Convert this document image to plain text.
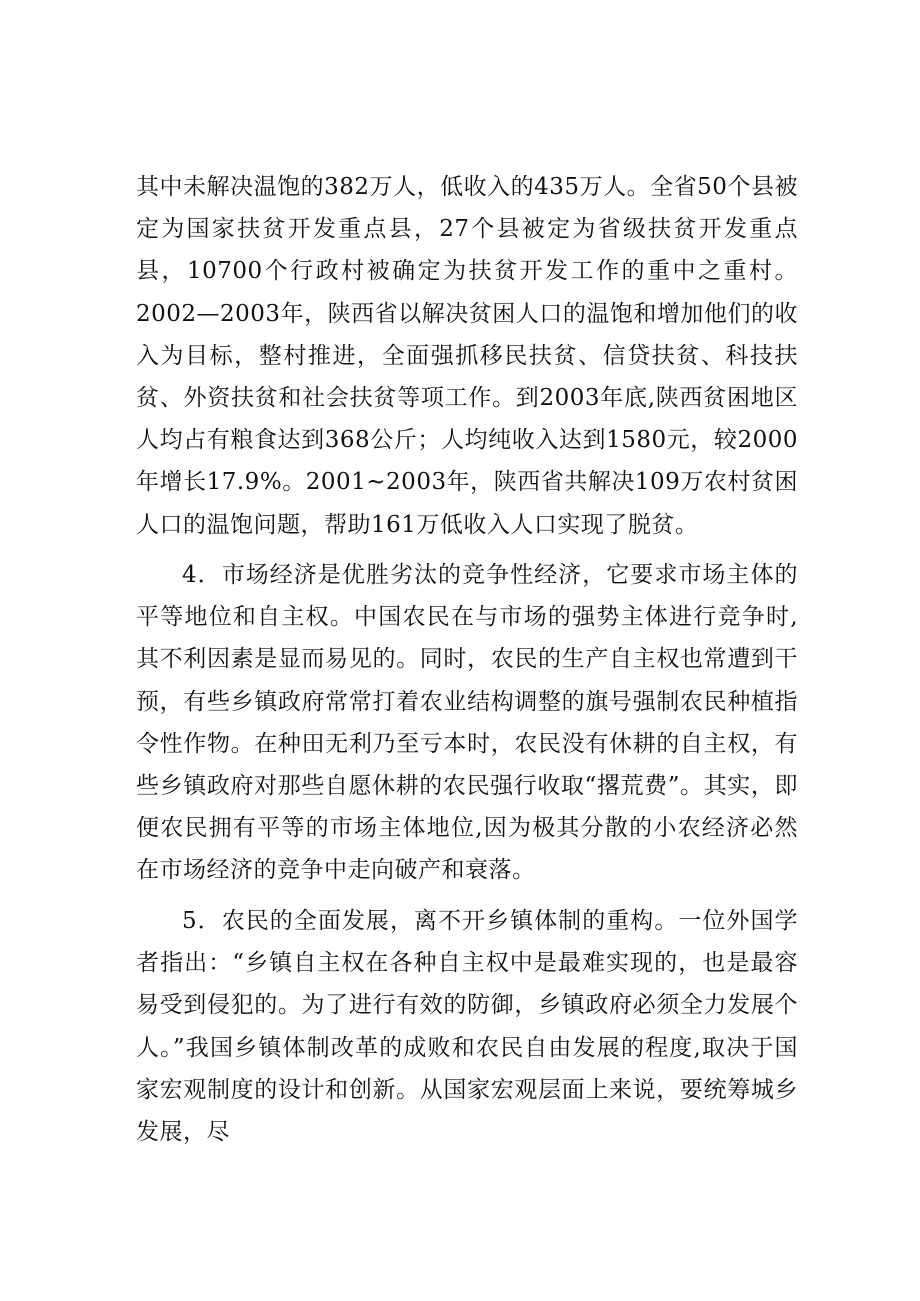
其中未解决温饱的382万人，低收入的435万人。全省50个县被定为国家扶贫开发重点县，27个县被定为省级扶贫开发重点县，10700个行政村被确定为扶贫开发工作的重中之重村。2002—2003年，陕西省以解决贫困人口的温饱和增加他们的收入为目标，整村推进，全面强抓移民扶贫、信贷扶贫、科技扶贫、外资扶贫和社会扶贫等项工作。到2003年底,陕西贫困地区人均占有粮食达到368公斤；人均纯收入达到1580元，较2000年增长17.9%。2001~2003年，陕西省共解决109万农村贫困人口的温饱问题，帮助161万低收入人口实现了脱贫。
4．市场经济是优胜劣汰的竞争性经济，它要求市场主体的平等地位和自主权。中国农民在与市场的强势主体进行竞争时,其不利因素是显而易见的。同时，农民的生产自主权也常遭到干预，有些乡镇政府常常打着农业结构调整的旗号强制农民种植指令性作物。在种田无利乃至亏本时，农民没有休耕的自主权，有些乡镇政府对那些自愿休耕的农民强行收取“撂荒费”。其实，即便农民拥有平等的市场主体地位,因为极其分散的小农经济必然在市场经济的竞争中走向破产和衰落。
5．农民的全面发展，离不开乡镇体制的重构。一位外国学者指出：“乡镇自主权在各种自主权中是最难实现的，也是最容易受到侵犯的。为了进行有效的防御，乡镇政府必须全力发展个人。”我国乡镇体制改革的成败和农民自由发展的程度,取决于国家宏观制度的设计和创新。从国家宏观层面上来说，要统筹城乡发展，尽
